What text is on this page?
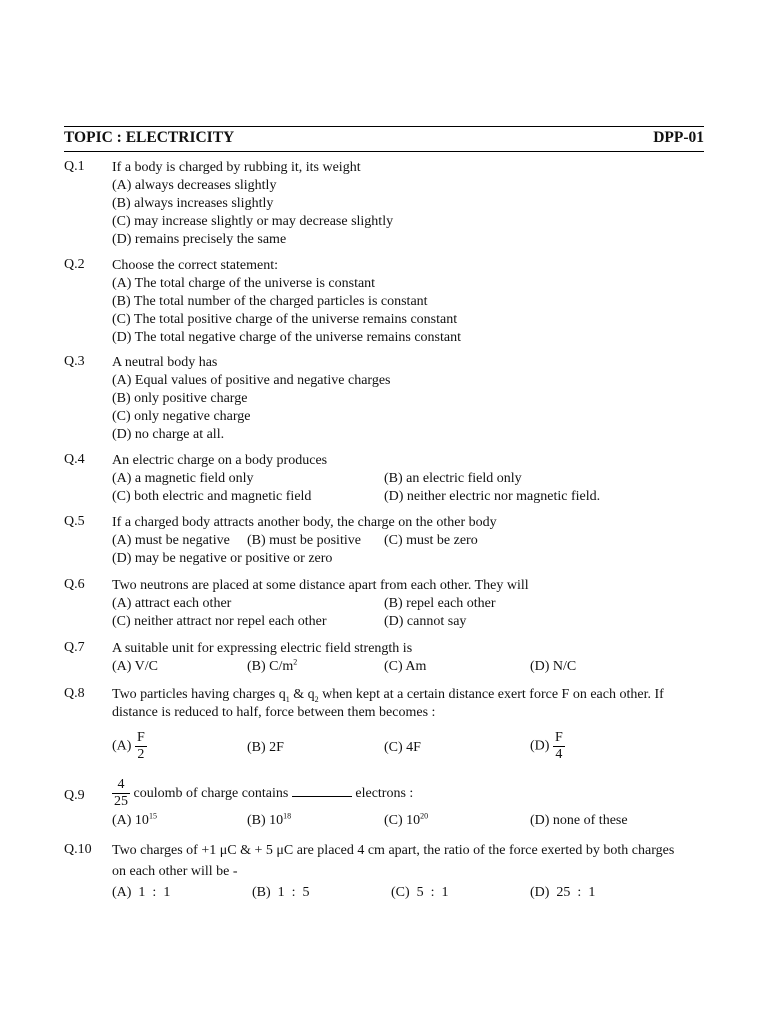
TOPIC : ELECTRICITY	DPP-01
Q.1 If a body is charged by rubbing it, its weight
(A) always decreases slightly
(B) always increases slightly
(C) may increase slightly or may decrease slightly
(D) remains precisely the same
Q.2 Choose the correct statement:
(A) The total charge of the universe is constant
(B) The total number of the charged particles is constant
(C) The total positive charge of the universe remains constant
(D) The total negative charge of the universe remains constant
Q.3 A neutral body has
(A) Equal values of positive and negative charges
(B) only positive charge
(C) only negative charge
(D) no charge at all.
Q.4 An electric charge on a body produces
(A) a magnetic field only	(B) an electric field only
(C) both electric and magnetic field	(D) neither electric nor magnetic field.
Q.5 If a charged body attracts another body, the charge on the other body
(A) must be negative (B) must be positive (C) must be zero
(D) may be negative or positive or zero
Q.6 Two neutrons are placed at some distance apart from each other. They will
(A) attract each other	(B) repel each other
(C) neither attract nor repel each other	(D) cannot say
Q.7 A suitable unit for expressing electric field strength is
(A) V/C	(B) $C/m^2$	(C) Am	(D) N/C
Q.8 Two particles having charges $q_1$ & $q_2$ when kept at a certain distance exert force F on each other. If
distance is reduced to half, force between them becomes :
$(A) \frac{F}{2}$	(B) 2F	(C) 4F	$(D) \frac{F}{4}$
$Q.9 \frac{4}{25}$ coulomb of charge contains	electrons :
(A) $10^{15}$	(B) $10^{18}$	(C) $10^{20}$	(D) none of these
Q.10 Two charges of +1 μC & + 5 μC are placed 4 cm apart, the ratio of the force exerted by both charges
on each other will be -
(A)  1  :  1	(B)  1  :  5	(C)  5  :  1	(D)  25  :  1
